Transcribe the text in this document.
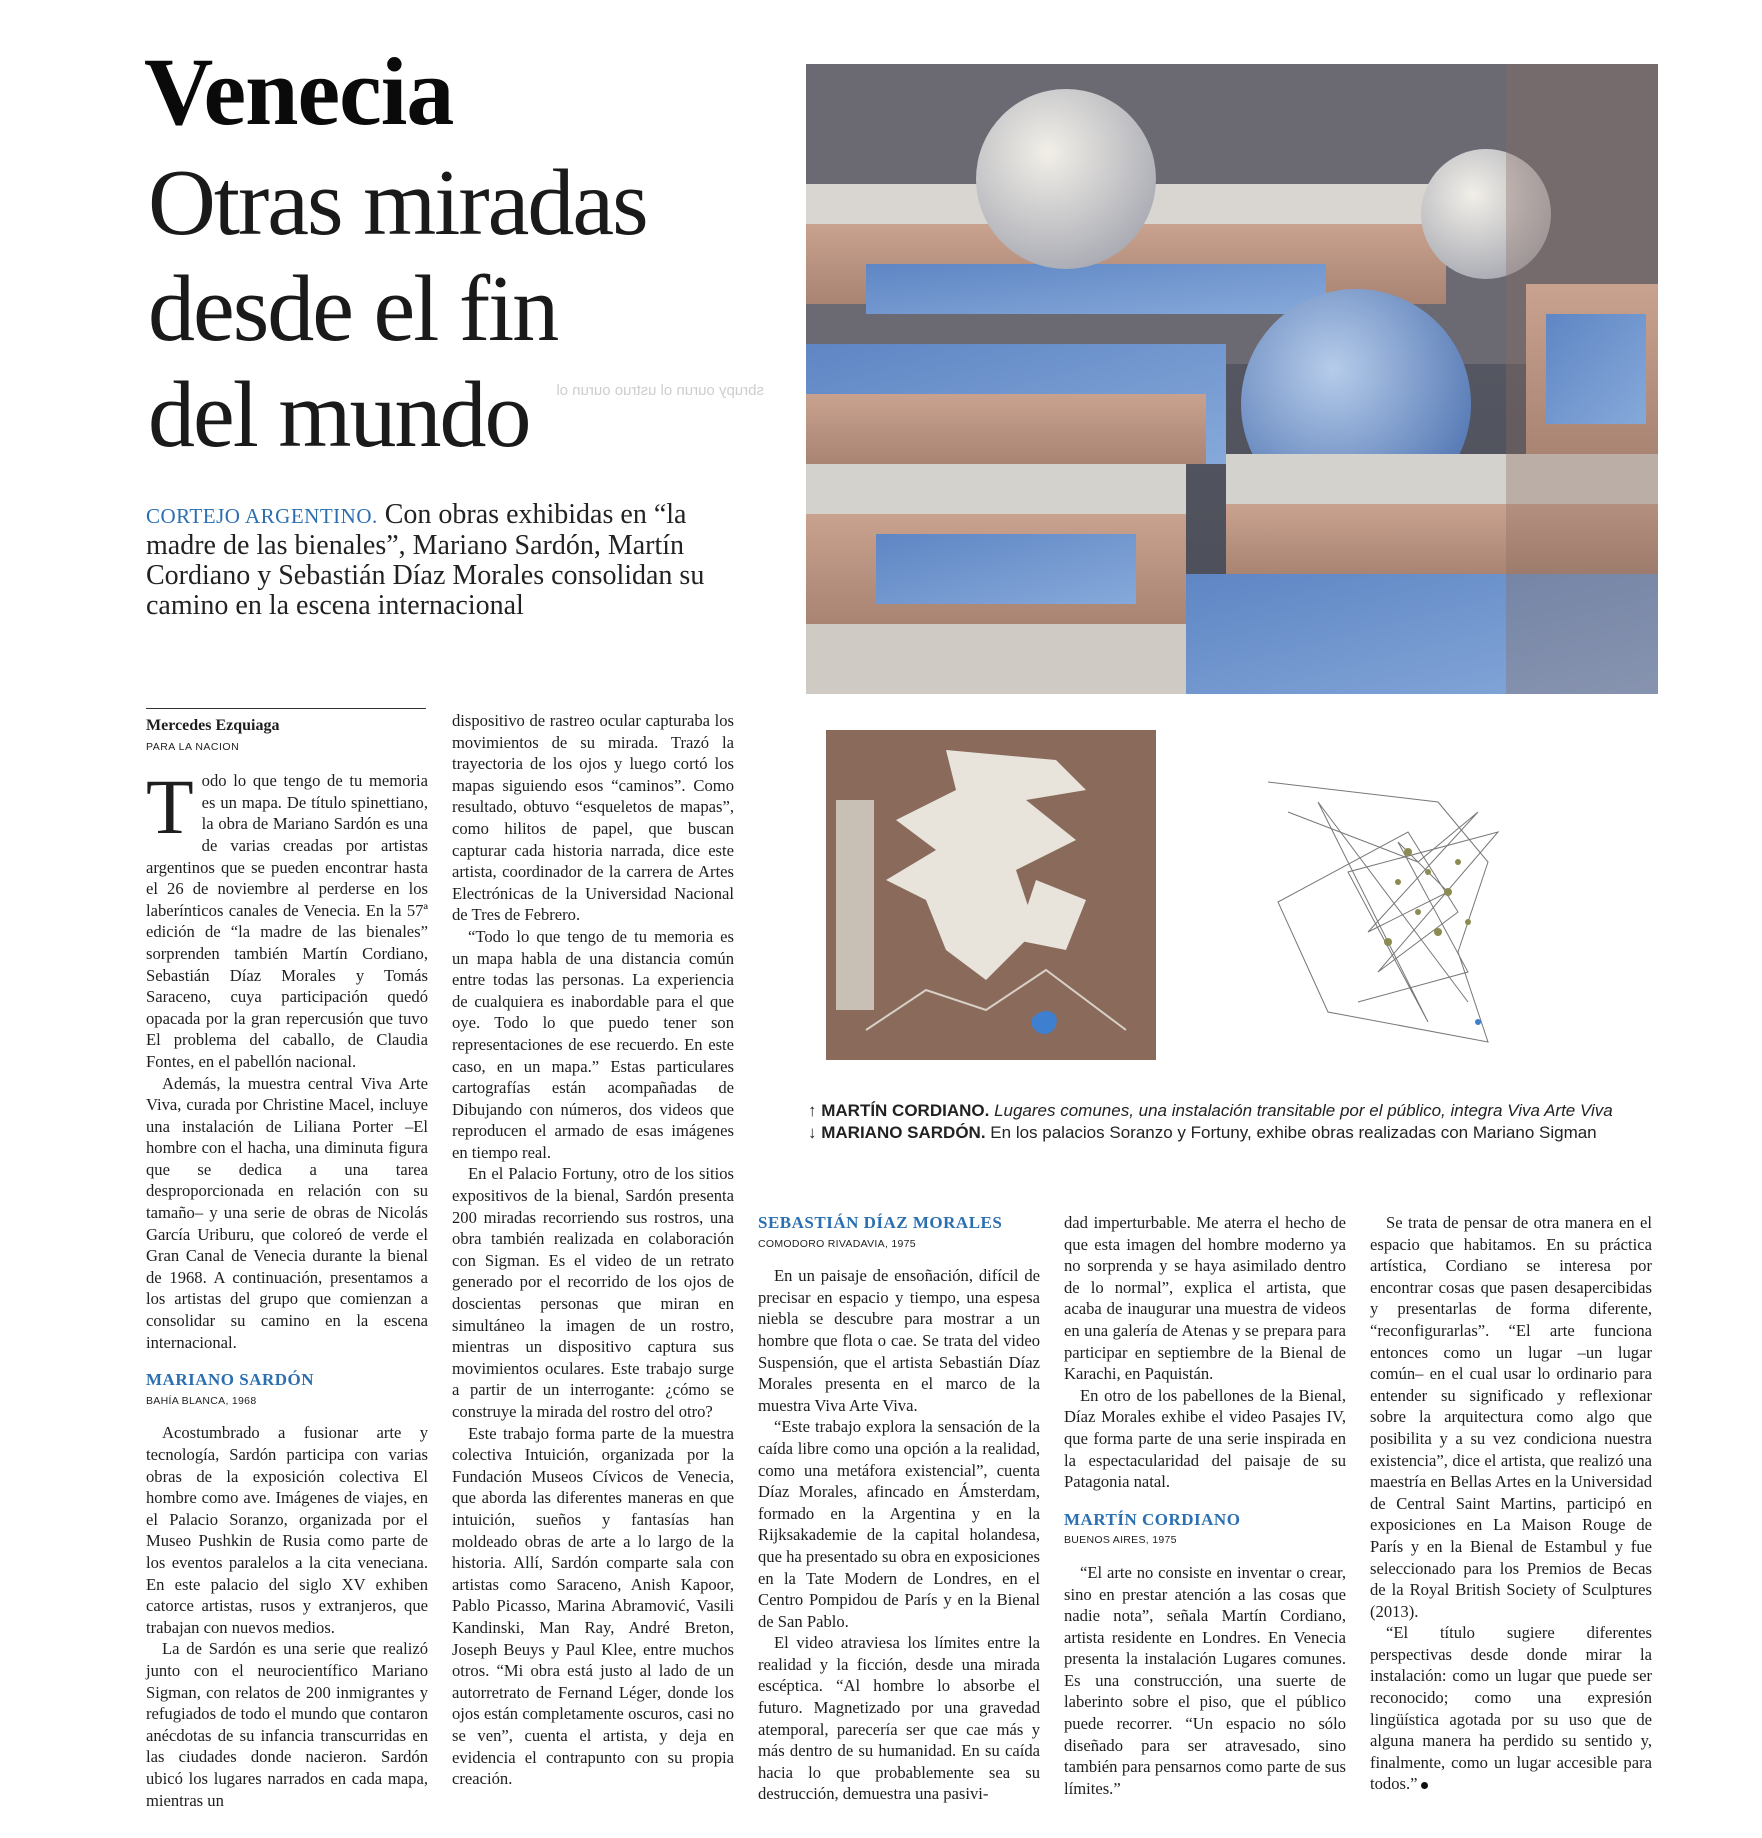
Venecia
Otras miradas
desde el fin
sbrupy ourun ol ustruo ourun ol
del mundo
CORTEJO ARGENTINO. Con obras exhibidas en “la madre de las bienales”, Mariano Sardón, Martín Cordiano y Sebastián Díaz Morales consolidan su camino en la escena internacional
↑ MARTÍN CORDIANO. Lugares comunes, una instalación transitable por el público, integra Viva Arte Viva
↓ MARIANO SARDÓN. En los palacios Soranzo y Fortuny, exhibe obras realizadas con Mariano Sigman
Mercedes Ezquiaga
PARA LA NACION

Todo lo que tengo de tu memoria es un mapa. De título spinettiano, la obra de Mariano Sardón es una de varias creadas por artistas argentinos que se pueden encontrar hasta el 26 de noviembre al perderse en los laberínticos canales de Venecia. En la 57ª edición de “la madre de las bienales” sorprenden también Martín Cordiano, Sebastián Díaz Morales y Tomás Saraceno, cuya participación quedó opacada por la gran repercusión que tuvo El problema del caballo, de Claudia Fontes, en el pabellón nacional.

Además, la muestra central Viva Arte Viva, curada por Christine Macel, incluye una instalación de Liliana Porter –El hombre con el hacha, una diminuta figura que se dedica a una tarea desproporcionada en relación con su tamaño– y una serie de obras de Nicolás García Uriburu, que coloreó de verde el Gran Canal de Venecia durante la bienal de 1968. A continuación, presentamos a los artistas del grupo que comienzan a consolidar su camino en la escena internacional.

MARIANO SARDÓN
BAHÍA BLANCA, 1968

Acostumbrado a fusionar arte y tecnología, Sardón participa con varias obras de la exposición colectiva El hombre como ave. Imágenes de viajes, en el Palacio Soranzo, organizada por el Museo Pushkin de Rusia como parte de los eventos paralelos a la cita veneciana. En este palacio del siglo XV exhiben catorce artistas, rusos y extranjeros, que trabajan con nuevos medios.

La de Sardón es una serie que realizó junto con el neurocientífico Mariano Sigman, con relatos de 200 inmigrantes y refugiados de todo el mundo que contaron anécdotas de su infancia transcurridas en las ciudades donde nacieron. Sardón ubicó los lugares narrados en cada mapa, mientras un

dispositivo de rastreo ocular capturaba los movimientos de su mirada. Trazó la trayectoria de los ojos y luego cortó los mapas siguiendo esos “caminos”. Como resultado, obtuvo “esqueletos de mapas”, como hilitos de papel, que buscan capturar cada historia narrada, dice este artista, coordinador de la carrera de Artes Electrónicas de la Universidad Nacional de Tres de Febrero.

“Todo lo que tengo de tu memoria es un mapa habla de una distancia común entre todas las personas. La experiencia de cualquiera es inabordable para el que oye. Todo lo que puedo tener son representaciones de ese recuerdo. En este caso, en un mapa.” Estas particulares cartografías están acompañadas de Dibujando con números, dos videos que reproducen el armado de esas imágenes en tiempo real.

En el Palacio Fortuny, otro de los sitios expositivos de la bienal, Sardón presenta 200 miradas recorriendo sus rostros, una obra también realizada en colaboración con Sigman. Es el video de un retrato generado por el recorrido de los ojos de doscientas personas que miran en simultáneo la imagen de un rostro, mientras un dispositivo captura sus movimientos oculares. Este trabajo surge a partir de un interrogante: ¿cómo se construye la mirada del rostro del otro?

Este trabajo forma parte de la muestra colectiva Intuición, organizada por la Fundación Museos Cívicos de Venecia, que aborda las diferentes maneras en que intuición, sueños y fantasías han moldeado obras de arte a lo largo de la historia. Allí, Sardón comparte sala con artistas como Saraceno, Anish Kapoor, Pablo Picasso, Marina Abramović, Vasili Kandinski, Man Ray, André Breton, Joseph Beuys y Paul Klee, entre muchos otros. “Mi obra está justo al lado de un autorretrato de Fernand Léger, donde los ojos están completamente oscuros, casi no se ven”, cuenta el artista, y deja en evidencia el contrapunto con su propia creación.

SEBASTIÁN DÍAZ MORALES
COMODORO RIVADAVIA, 1975

En un paisaje de ensoñación, difícil de precisar en espacio y tiempo, una espesa niebla se descubre para mostrar a un hombre que flota o cae. Se trata del video Suspensión, que el artista Sebastián Díaz Morales presenta en el marco de la muestra Viva Arte Viva.

“Este trabajo explora la sensación de la caída libre como una opción a la realidad, como una metáfora existencial”, cuenta Díaz Morales, afincado en Ámsterdam, formado en la Argentina y en la Rijksakademie de la capital holandesa, que ha presentado su obra en exposiciones en la Tate Modern de Londres, en el Centro Pompidou de París y en la Bienal de San Pablo.

El video atraviesa los límites entre la realidad y la ficción, desde una mirada escéptica. “Al hombre lo absorbe el futuro. Magnetizado por una gravedad atemporal, parecería ser que cae más y más dentro de su humanidad. En su caída hacia lo que probablemente sea su destrucción, demuestra una pasivi-

dad imperturbable. Me aterra el hecho de que esta imagen del hombre moderno ya no sorprenda y se haya asimilado dentro de lo normal”, explica el artista, que acaba de inaugurar una muestra de videos en una galería de Atenas y se prepara para participar en septiembre de la Bienal de Karachi, en Paquistán.

En otro de los pabellones de la Bienal, Díaz Morales exhibe el video Pasajes IV, que forma parte de una serie inspirada en la espectacularidad del paisaje de su Patagonia natal.

MARTÍN CORDIANO
BUENOS AIRES, 1975

“El arte no consiste en inventar o crear, sino en prestar atención a las cosas que nadie nota”, señala Martín Cordiano, artista residente en Londres. En Venecia presenta la instalación Lugares comunes. Es una construcción, una suerte de laberinto sobre el piso, que el público puede recorrer. “Un espacio no sólo diseñado para ser atravesado, sino también para pensarnos como parte de sus límites.”

Se trata de pensar de otra manera en el espacio que habitamos. En su práctica artística, Cordiano se interesa por encontrar cosas que pasen desapercibidas y presentarlas de forma diferente, “reconfigurarlas”. “El arte funciona entonces como un lugar –un lugar común– en el cual usar lo ordinario para entender su significado y reflexionar sobre la arquitectura como algo que posibilita y a su vez condiciona nuestra existencia”, dice el artista, que realizó una maestría en Bellas Artes en la Universidad de Central Saint Martins, participó en exposiciones en La Maison Rouge de París y en la Bienal de Estambul y fue seleccionado para los Premios de Becas de la Royal British Society of Sculptures (2013).

“El título sugiere diferentes perspectivas desde donde mirar la instalación: como un lugar que puede ser reconocido; como una expresión lingüística agotada por su uso que de alguna manera ha perdido su sentido y, finalmente, como un lugar accesible para todos.”
